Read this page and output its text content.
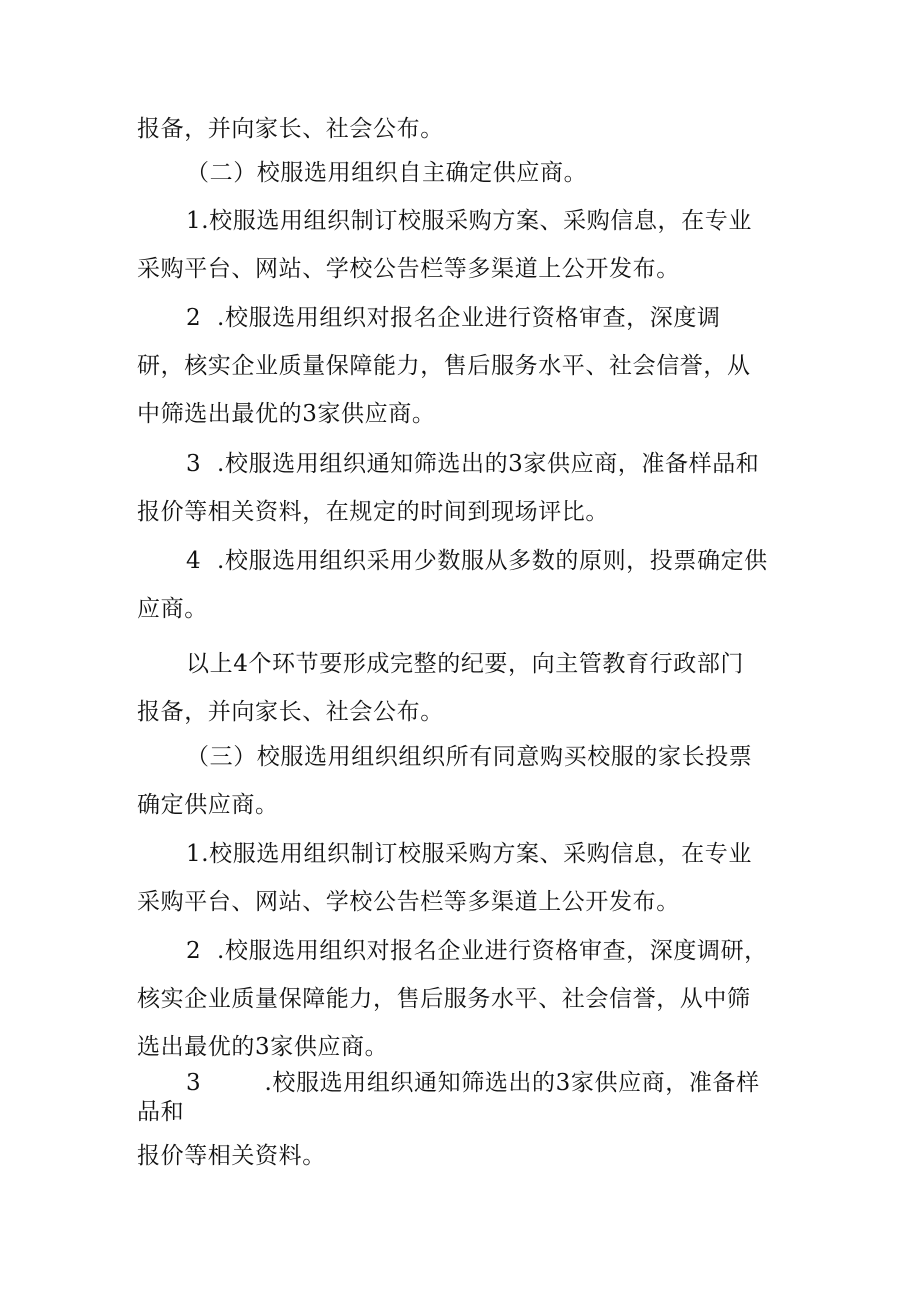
报备，并向家长、社会公布。
（二）校服选用组织自主确定供应商。
1.校服选用组织制订校服采购方案、采购信息，在专业
采购平台、网站、学校公告栏等多渠道上公开发布。
2  .校服选用组织对报名企业进行资格审查，深度调
研，核实企业质量保障能力，售后服务水平、社会信誉，从
中筛选出最优的3家供应商。
3  .校服选用组织通知筛选出的3家供应商，准备样品和
报价等相关资料，在规定的时间到现场评比。
4  .校服选用组织采用少数服从多数的原则，投票确定供
应商。
以上4个环节要形成完整的纪要，向主管教育行政部门
报备，并向家长、社会公布。
（三）校服选用组织组织所有同意购买校服的家长投票
确定供应商。
1.校服选用组织制订校服采购方案、采购信息，在专业
采购平台、网站、学校公告栏等多渠道上公开发布。
2  .校服选用组织对报名企业进行资格审查，深度调研，
核实企业质量保障能力，售后服务水平、社会信誉，从中筛
选出最优的3家供应商。
3        .校服选用组织通知筛选出的3家供应商，准备样
品和
报价等相关资料。
